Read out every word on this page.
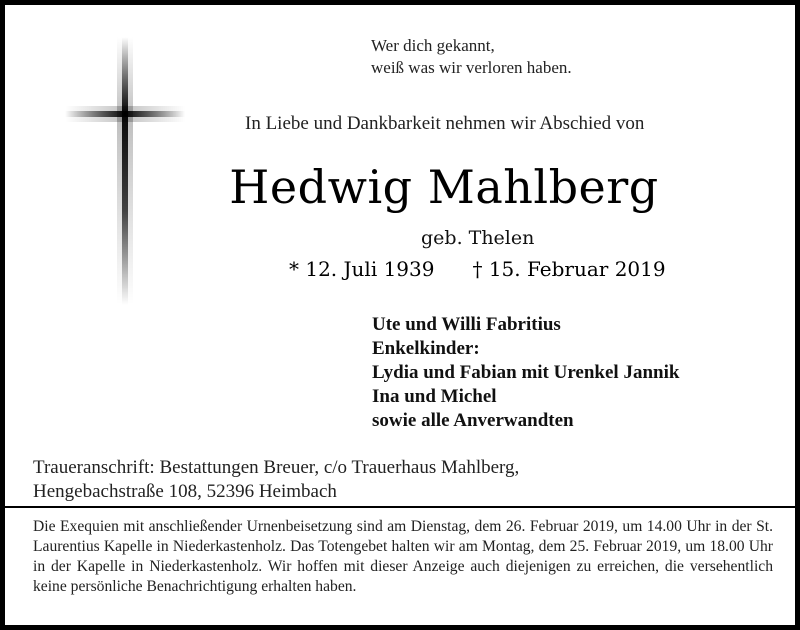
Wer dich gekannt,
weiß was wir verloren haben.
In Liebe und Dankbarkeit nehmen wir Abschied von
Hedwig Mahlberg
geb. Thelen
* 12. Juli 1939 † 15. Februar 2019
Ute und Willi Fabritius
Enkelkinder:
Lydia und Fabian mit Urenkel Jannik
Ina und Michel
sowie alle Anverwandten
Traueranschrift: Bestattungen Breuer, c/o Trauerhaus Mahlberg,
Hengebachstraße 108, 52396 Heimbach
Die Exequien mit anschließender Urnenbeisetzung sind am Dienstag, dem 26. Februar 2019, um 14.00 Uhr in der St. Laurentius Kapelle in Niederkastenholz. Das Totengebet halten wir am Montag, dem 25. Februar 2019, um 18.00 Uhr in der Kapelle in Niederkastenholz. Wir hoffen mit dieser Anzeige auch diejenigen zu erreichen, die versehentlich keine persönliche Benachrichtigung erhalten haben.
